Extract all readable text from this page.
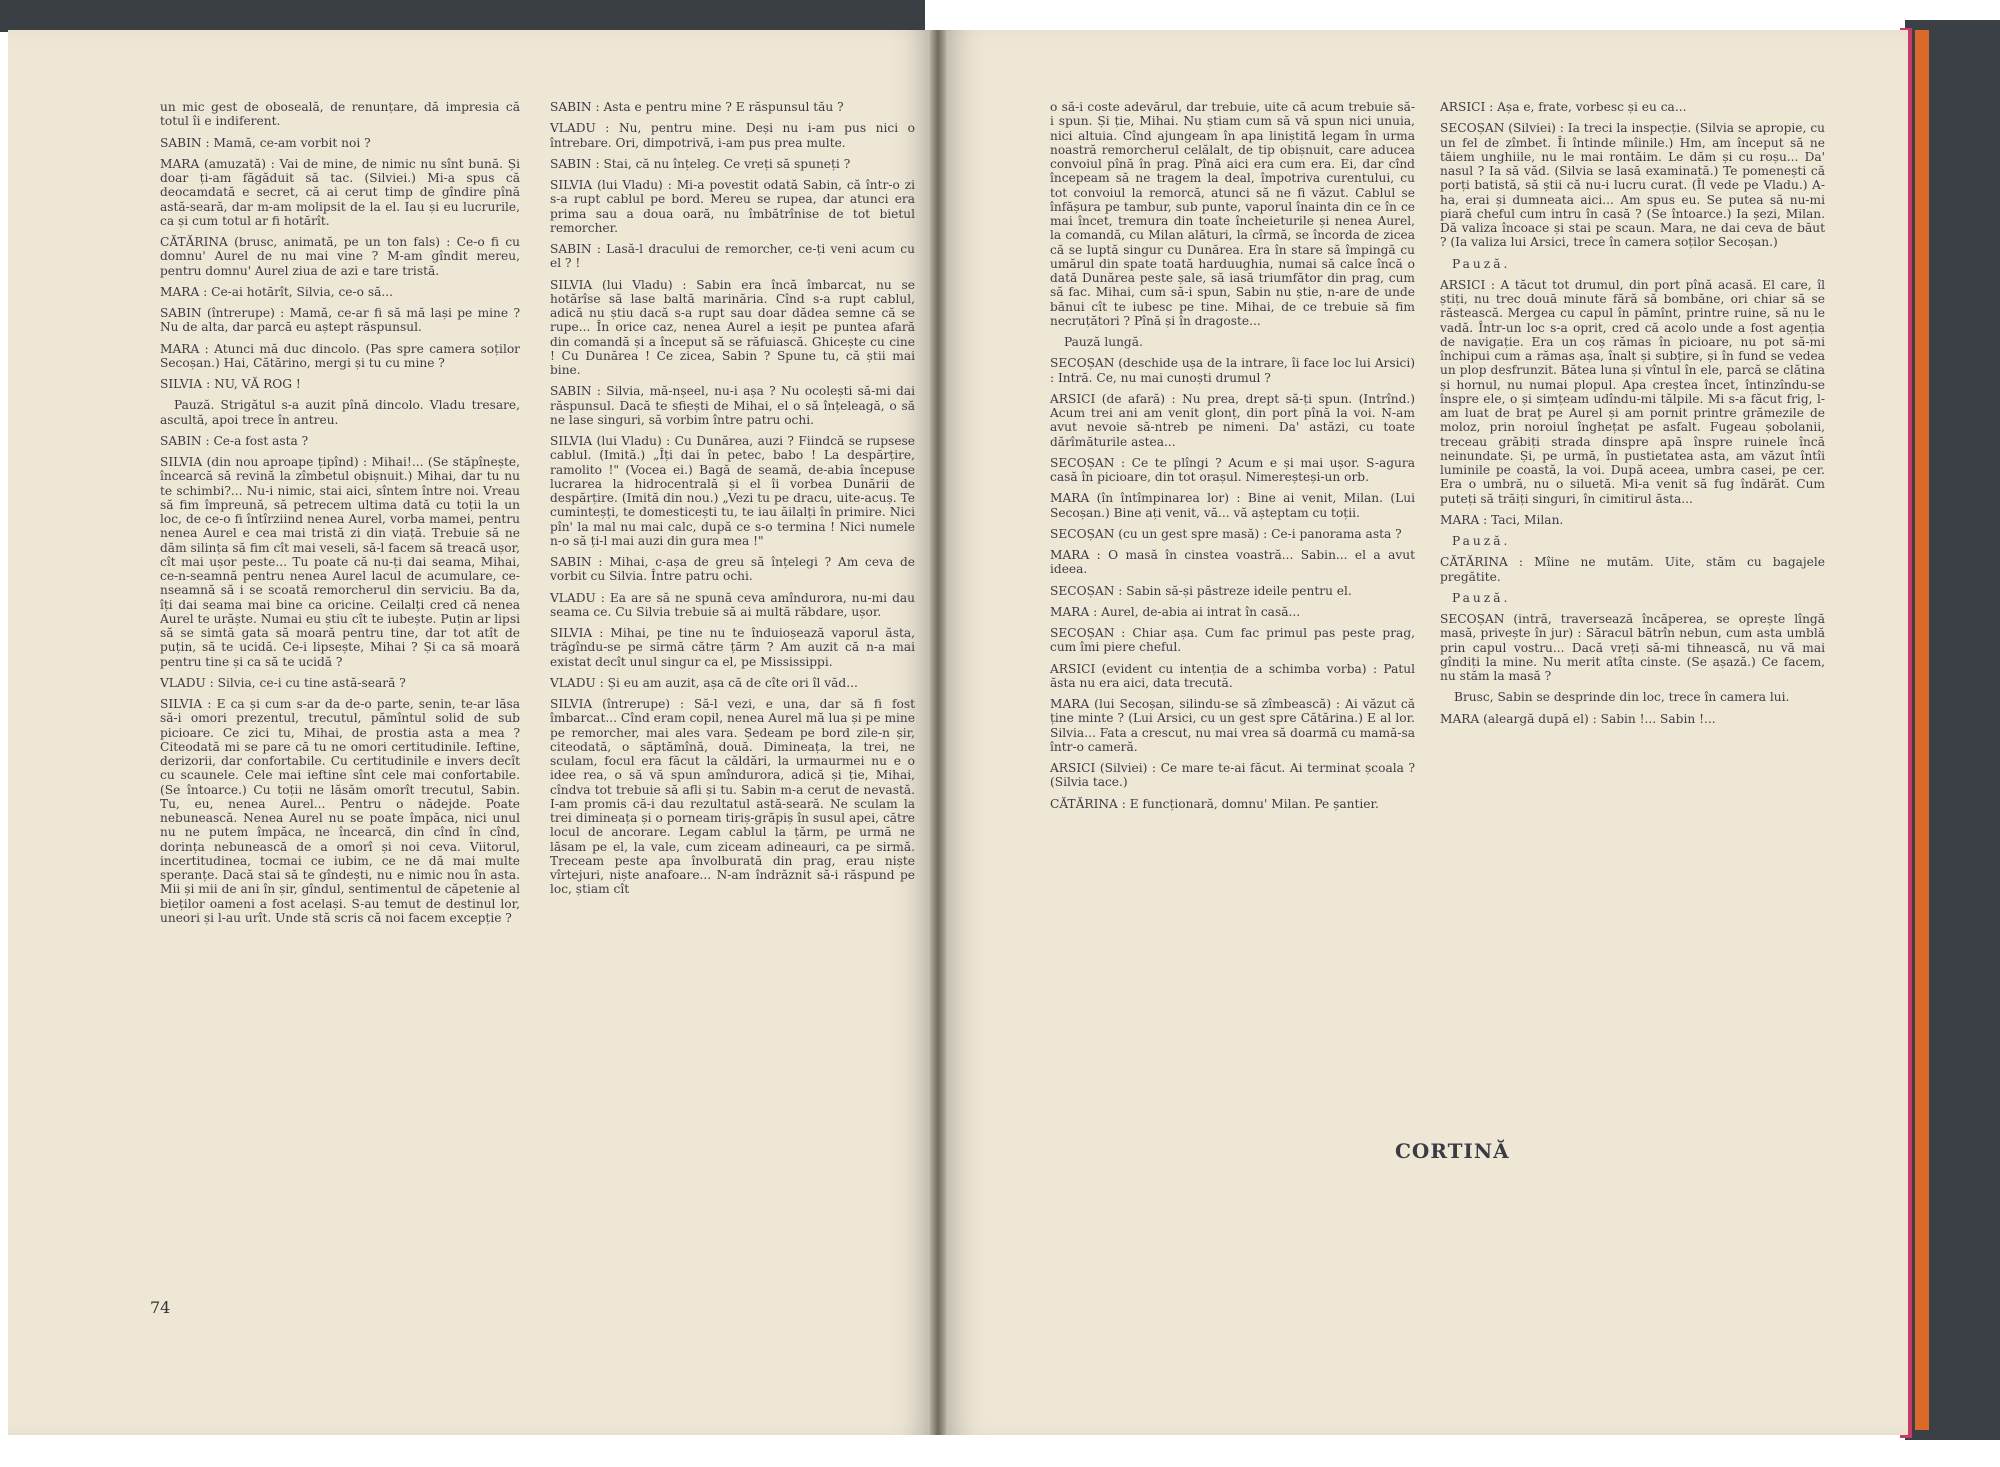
un mic gest de oboseală, de renunțare, dă impresia că totul îi e indiferent.

SABIN : Mamă, ce-am vorbit noi ?

MARA (amuzată) : Vai de mine, de nimic nu sînt bună. Și doar ți-am făgăduit să tac. (Silviei.) Mi-a spus că deocamdată e secret, că ai cerut timp de gîndire pînă astă-seară, dar m-am molipsit de la el. Iau și eu lucrurile, ca și cum totul ar fi hotărît.

CĂTĂRINA (brusc, animată, pe un ton fals) : Ce-o fi cu domnu' Aurel de nu mai vine ? M-am gîndit mereu, pentru domnu' Aurel ziua de azi e tare tristă.

MARA : Ce-ai hotărît, Silvia, ce-o să...

SABIN (întrerupe) : Mamă, ce-ar fi să mă lași pe mine ? Nu de alta, dar parcă eu aștept răspunsul.

MARA : Atunci mă duc dincolo. (Pas spre camera soților Secoșan.) Hai, Cătărino, mergi și tu cu mine ?

SILVIA : NU, VĂ ROG !

Pauză. Strigătul s-a auzit pînă dincolo. Vladu tresare, ascultă, apoi trece în antreu.

SABIN : Ce-a fost asta ?

SILVIA (din nou aproape țipînd) : Mihai!... (Se stăpînește, încearcă să revină la zîmbetul obișnuit.) Mihai, dar tu nu te schimbi?... Nu-i nimic, stai aici, sîntem între noi. Vreau să fim împreună, să petrecem ultima dată cu toții la un loc, de ce-o fi întîrziind nenea Aurel, vorba mamei, pentru nenea Aurel e cea mai tristă zi din viață. Trebuie să ne dăm silința să fim cît mai veseli, să-l facem să treacă ușor, cît mai ușor peste... Tu poate că nu-ți dai seama, Mihai, ce-n-seamnă pentru nenea Aurel lacul de acumulare, ce-nseamnă să i se scoată remorcherul din serviciu. Ba da, îți dai seama mai bine ca oricine. Ceilalți cred că nenea Aurel te urăște. Numai eu știu cît te iubește. Puțin ar lipsi să se simtă gata să moară pentru tine, dar tot atît de puțin, să te ucidă. Ce-i lipsește, Mihai ? Și ca să moară pentru tine și ca să te ucidă ?

VLADU : Silvia, ce-i cu tine astă-seară ?

SILVIA : E ca și cum s-ar da de-o parte, senin, te-ar lăsa să-i omori prezentul, trecutul, pămîntul solid de sub picioare. Ce zici tu, Mihai, de prostia asta a mea ? Citeodată mi se pare că tu ne omori certitudinile. Ieftine, derizorii, dar confortabile. Cu certitudinile e invers decît cu scaunele. Cele mai ieftine sînt cele mai confortabile. (Se întoarce.) Cu toții ne lăsăm omorît trecutul, Sabin. Tu, eu, nenea Aurel... Pentru o nădejde. Poate nebunească. Nenea Aurel nu se poate împăca, nici unul nu ne putem împăca, ne încearcă, din cînd în cînd, dorința nebunească de a omorî și noi ceva. Viitorul, incertitudinea, tocmai ce iubim, ce ne dă mai multe speranțe. Dacă stai să te gîndești, nu e nimic nou în asta. Mii și mii de ani în șir, gîndul, sentimentul de căpetenie al bieților oameni a fost același. S-au temut de destinul lor, uneori și l-au urît. Unde stă scris că noi facem excepție ?

SABIN : Asta e pentru mine ? E răspunsul tău ?

VLADU : Nu, pentru mine. Deși nu i-am pus nici o întrebare. Ori, dimpotrivă, i-am pus prea multe.

SABIN : Stai, că nu înțeleg. Ce vreți să spuneți ?

SILVIA (lui Vladu) : Mi-a povestit odată Sabin, că într-o zi s-a rupt cablul pe bord. Mereu se rupea, dar atunci era prima sau a doua oară, nu îmbătrînise de tot bietul remorcher.

SABIN : Lasă-l dracului de remorcher, ce-ți veni acum cu el ? !

SILVIA (lui Vladu) : Sabin era încă îmbarcat, nu se hotărîse să lase baltă marinăria. Cînd s-a rupt cablul, adică nu știu dacă s-a rupt sau doar dădea semne că se rupe... În orice caz, nenea Aurel a ieșit pe puntea afară din comandă și a început să se răfuiască. Ghicește cu cine ! Cu Dunărea ! Ce zicea, Sabin ? Spune tu, că știi mai bine.

SABIN : Silvia, mă-nșeel, nu-i așa ? Nu ocolești să-mi dai răspunsul. Dacă te sfiești de Mihai, el o să înțeleagă, o să ne lase singuri, să vorbim între patru ochi.

SILVIA (lui Vladu) : Cu Dunărea, auzi ? Fiindcă se rupsese cablul. (Imită.) „Îți dai în petec, babo ! La despărțire, ramolito !" (Vocea ei.) Bagă de seamă, de-abia începuse lucrarea la hidrocentrală și el îi vorbea Dunării de despărțire. (Imită din nou.) „Vezi tu pe dracu, uite-acuș. Te cuminteșți, te domesticești tu, te iau ăilalți în primire. Nici pîn' la mal nu mai calc, după ce s-o termina ! Nici numele n-o să ți-l mai auzi din gura mea !"

SABIN : Mihai, c-așa de greu să înțelegi ? Am ceva de vorbit cu Silvia. Între patru ochi.

VLADU : Ea are să ne spună ceva amîndurora, nu-mi dau seama ce. Cu Silvia trebuie să ai multă răbdare, ușor.

SILVIA : Mihai, pe tine nu te înduioșează vaporul ăsta, trăgîndu-se pe sirmă către țărm ? Am auzit că n-a mai existat decît unul singur ca el, pe Mississippi.

VLADU : Și eu am auzit, așa că de cîte ori îl văd...

SILVIA (întrerupe) : Să-l vezi, e una, dar să fi fost îmbarcat... Cînd eram copil, nenea Aurel mă lua și pe mine pe remorcher, mai ales vara. Ședeam pe bord zile-n șir, citeodată, o săptămînă, două. Dimineața, la trei, ne sculam, focul era făcut la căldări, la urmaurmei nu e o idee rea, o să vă spun amîndurora, adică și ție, Mihai, cîndva tot trebuie să afli și tu. Sabin m-a cerut de nevastă. I-am promis că-i dau rezultatul astă-seară. Ne sculam la trei dimineața și o porneam tiriș-grăpiș în susul apei, către locul de ancorare. Legam cablul la țărm, pe urmă ne lăsam pe el, la vale, cum ziceam adineauri, ca pe sirmă. Treceam peste apa învolburată din prag, erau niște vîrtejuri, niște anafoare... N-am îndrăznit să-i răspund pe loc, știam cît

74

o să-i coste adevărul, dar trebuie, uite că acum trebuie să-i spun. Și ție, Mihai. Nu știam cum să vă spun nici unuia, nici altuia. Cînd ajungeam în apa liniștită legam în urma noastră remorcherul celălalt, de tip obișnuit, care aducea convoiul pînă în prag. Pînă aici era cum era. Ei, dar cînd începeam să ne tragem la deal, împotriva curentului, cu tot convoiul la remorcă, atunci să ne fi văzut. Cablul se înfășura pe tambur, sub punte, vaporul înainta din ce în ce mai încet, tremura din toate încheieturile și nenea Aurel, la comandă, cu Milan alături, la cîrmă, se încorda de zicea că se luptă singur cu Dunărea. Era în stare să împingă cu umărul din spate toată harduughia, numai să calce încă o dată Dunărea peste șale, să iasă triumfător din prag, cum să fac. Mihai, cum să-i spun, Sabin nu știe, n-are de unde bănui cît te iubesc pe tine. Mihai, de ce trebuie să fim necruțători ? Pînă și în dragoste...

Pauză lungă.

SECOȘAN (deschide ușa de la intrare, îi face loc lui Arsici) : Intră. Ce, nu mai cunoști drumul ?

ARSICI (de afară) : Nu prea, drept să-ți spun. (Intrînd.) Acum trei ani am venit glonț, din port pînă la voi. N-am avut nevoie să-ntreb pe nimeni. Da' astăzi, cu toate dărîmăturile astea...

SECOȘAN : Ce te plîngi ? Acum e și mai ușor. S-agura casă în picioare, din tot orașul. Nimereșteși-un orb.

MARA (în întîmpinarea lor) : Bine ai venit, Milan. (Lui Secoșan.) Bine ați venit, vă... vă așteptam cu toții.

SECOȘAN (cu un gest spre masă) : Ce-i panorama asta ?

MARA : O masă în cinstea voastră... Sabin... el a avut ideea.

SECOȘAN : Sabin să-și păstreze ideile pentru el.

MARA : Aurel, de-abia ai intrat în casă...

SECOȘAN : Chiar așa. Cum fac primul pas peste prag, cum îmi piere cheful.

ARSICI (evident cu intenția de a schimba vorba) : Patul ăsta nu era aici, data trecută.

MARA (lui Secoșan, silindu-se să zîmbească) : Ai văzut că ține minte ? (Lui Arsici, cu un gest spre Cătărina.) E al lor. Silvia... Fata a crescut, nu mai vrea să doarmă cu mamă-sa într-o cameră.

ARSICI (Silviei) : Ce mare te-ai făcut. Ai terminat școala ? (Silvia tace.)

CĂTĂRINA : E funcționară, domnu' Milan. Pe șantier.

ARSICI : Așa e, frate, vorbesc și eu ca...

SECOȘAN (Silviei) : Ia treci la inspecție. (Silvia se apropie, cu un fel de zîmbet. Îi întinde mîinile.) Hm, am început să ne tăiem unghiile, nu le mai rontăim. Le dăm și cu roșu... Da' nasul ? Ia să văd. (Silvia se lasă examinată.) Te pomenești că porți batistă, să știi că nu-i lucru curat. (Îl vede pe Vladu.) A-ha, erai și dumneata aici... Am spus eu. Se putea să nu-mi piară cheful cum intru în casă ? (Se întoarce.) Ia șezi, Milan. Dă valiza încoace și stai pe scaun. Mara, ne dai ceva de băut ? (Ia valiza lui Arsici, trece în camera soților Secoșan.)

Pauză.

ARSICI : A tăcut tot drumul, din port pînă acasă. El care, îl știți, nu trec două minute fără să bombăne, ori chiar să se răstească. Mergea cu capul în pămînt, printre ruine, să nu le vadă. Într-un loc s-a oprit, cred că acolo unde a fost agenția de navigație. Era un coș rămas în picioare, nu pot să-mi închipui cum a rămas așa, înalt și subțire, și în fund se vedea un plop desfrunzit. Bătea luna și vîntul în ele, parcă se clătina și hornul, nu numai plopul. Apa creștea încet, întinzîndu-se înspre ele, o și simțeam udîndu-mi tălpile. Mi s-a făcut frig, l-am luat de braț pe Aurel și am pornit printre grămezile de moloz, prin noroiul înghețat pe asfalt. Fugeau șobolanii, treceau grăbiți strada dinspre apă înspre ruinele încă neinundate. Și, pe urmă, în pustietatea asta, am văzut întîi luminile pe coastă, la voi. După aceea, umbra casei, pe cer. Era o umbră, nu o siluetă. Mi-a venit să fug îndărăt. Cum puteți să trăiți singuri, în cimitirul ăsta...

MARA : Taci, Milan.

Pauză.

CĂTĂRINA : Mîine ne mutăm. Uite, stăm cu bagajele pregătite.

Pauză.

SECOȘAN (intră, traversează încăperea, se oprește lîngă masă, privește în jur) : Săracul bătrîn nebun, cum asta umblă prin capul vostru... Dacă vreți să-mi tihnească, nu vă mai gîndiți la mine. Nu merit atîta cinste. (Se așază.) Ce facem, nu stăm la masă ?

Brusc, Sabin se desprinde din loc, trece în camera lui.

MARA (aleargă după el) : Sabin !... Sabin !...

CORTINĂ
